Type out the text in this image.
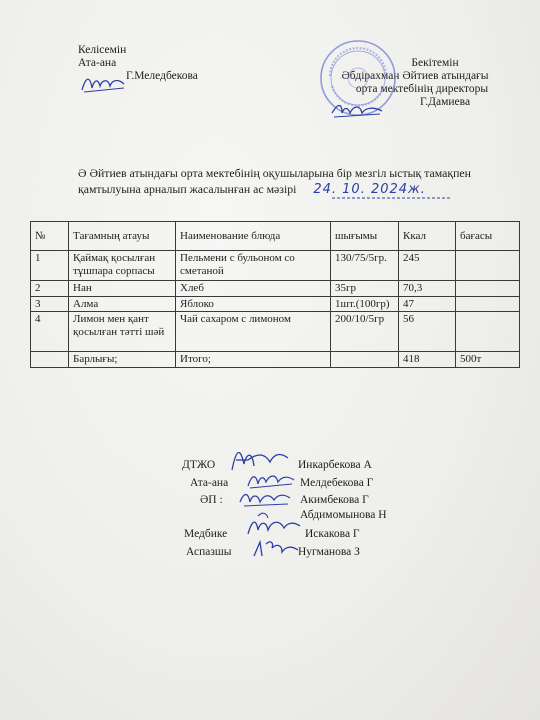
Келісемін
Ата-ана
Г.Меледбекова
Бекітемін
Әбдірахман Әйтиев атындағы
орта мектебінің директоры
Г.Дамиева
Ә Әйтиев атындағы орта мектебінің оқушыларына бір мезгіл ыстық тамақпен
қамтылуына арналып жасалынған ас мәзірі 24. 10. 2024ж.
№	Тағамның атауы	Наименование блюда	шығымы	Ккал	бағасы
1	Қаймақ қосылған тұшпара сорпасы	Пельмени с бульоном со сметаной	130/75/5гр.	245	
2	Нан	Хлеб	35гр	70,3	
3	Алма	Яблоко	1шт.(100гр)	47	
4	Лимон мен қант қосылған тәтті шәй	Чай сахаром с лимоном	200/10/5гр	56	
	Барлығы;	Итого;		418	500т
ДТЖО	Инкарбекова А
Ата-ана	Мелдебекова Г
ӘП :	Акимбекова Г
Абдимомынова Н
Медбике	Искакова Г
Аспазшы	Нугманова З
